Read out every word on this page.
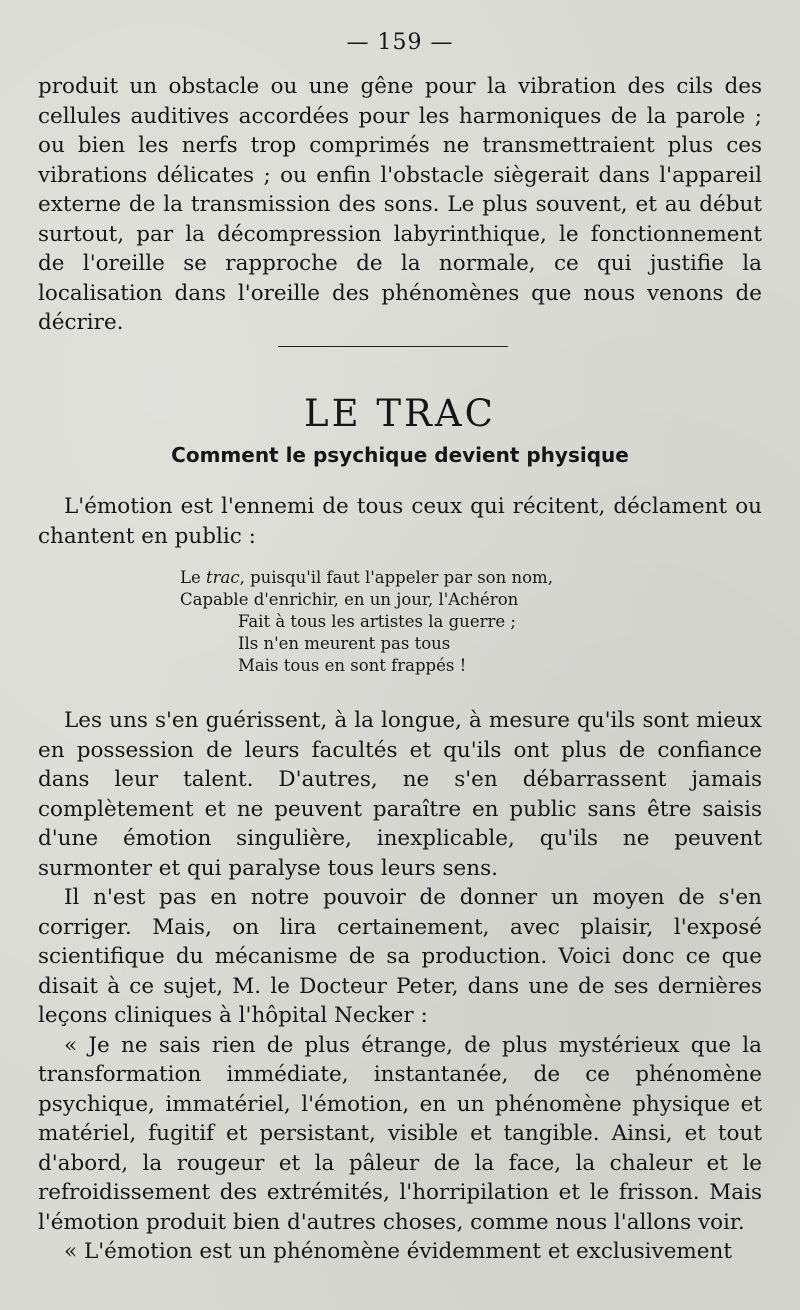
— 159 —

produit un obstacle ou une gêne pour la vibration des cils des cellules auditives accordées pour les harmoniques de la parole ; ou bien les nerfs trop comprimés ne transmettraient plus ces vibrations délicates ; ou enfin l'obstacle siègerait dans l'appareil externe de la transmission des sons. Le plus souvent, et au début surtout, par la décompression labyrinthique, le fonctionnement de l'oreille se rapproche de la normale, ce qui justifie la localisation dans l'oreille des phénomènes que nous venons de décrire.

LE TRAC
Comment le psychique devient physique

L'émotion est l'ennemi de tous ceux qui récitent, déclament ou chantent en public :

Le trac, puisqu'il faut l'appeler par son nom,
Capable d'enrichir, en un jour, l'Achéron
Fait à tous les artistes la guerre ;
Ils n'en meurent pas tous
Mais tous en sont frappés !

Les uns s'en guérissent, à la longue, à mesure qu'ils sont mieux en possession de leurs facultés et qu'ils ont plus de confiance dans leur talent. D'autres, ne s'en débarrassent jamais complètement et ne peuvent paraître en public sans être saisis d'une émotion singulière, inexplicable, qu'ils ne peuvent surmonter et qui paralyse tous leurs sens.

Il n'est pas en notre pouvoir de donner un moyen de s'en corriger. Mais, on lira certainement, avec plaisir, l'exposé scientifique du mécanisme de sa production. Voici donc ce que disait à ce sujet, M. le Docteur Peter, dans une de ses dernières leçons cliniques à l'hôpital Necker :

« Je ne sais rien de plus étrange, de plus mystérieux que la transformation immédiate, instantanée, de ce phénomène psychique, immatériel, l'émotion, en un phénomène physique et matériel, fugitif et persistant, visible et tangible. Ainsi, et tout d'abord, la rougeur et la pâleur de la face, la chaleur et le refroidissement des extrémités, l'horripilation et le frisson. Mais l'émotion produit bien d'autres choses, comme nous l'allons voir.

« L'émotion est un phénomène évidemment et exclusivement
